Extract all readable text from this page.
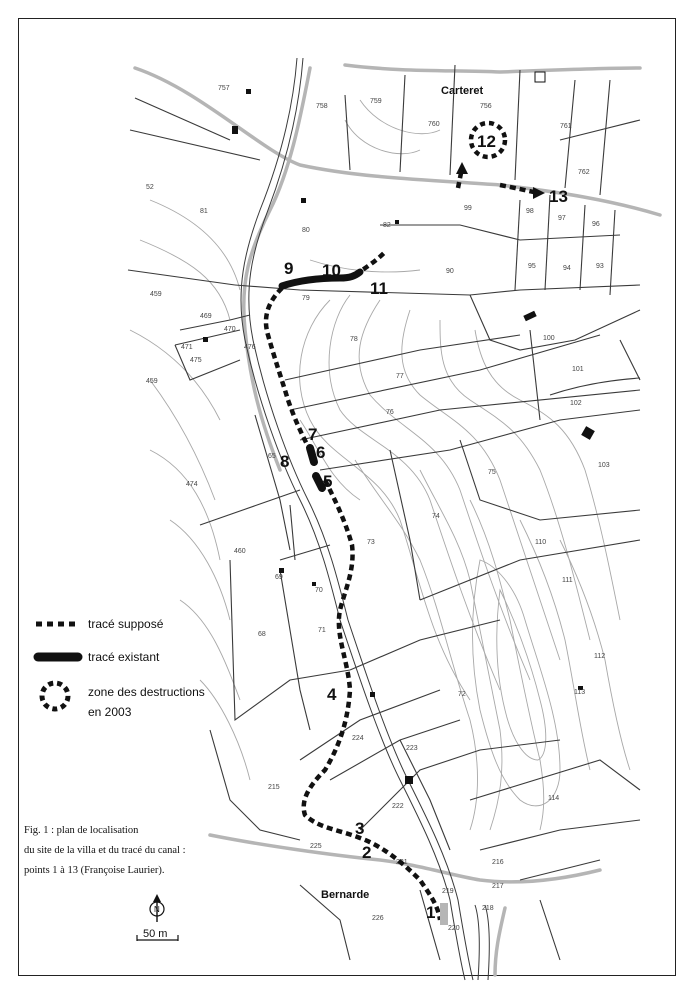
757
758
759
756
760	761
762
52
81
80
82
90
99	98
97
96
95	94	93
459
469
470
471	476
475
79
78
77
76
75
74
73
72
71
70
69
68
65
474
460
459
100
101
102
103
110
111
112
113
114
215
216
217
218
219
220
221
222
223
224
225
226
Carteret
Bernarde
1
2
3
4
5
6
7
8
9 10
11
12
13
tracé supposé
tracé existant
zone des destructions
en 2003
Fig. 1 : plan de localisation
du site de la villa et du tracé du canal :
points 1 à 13 (Françoise Laurier).
N
50 m
